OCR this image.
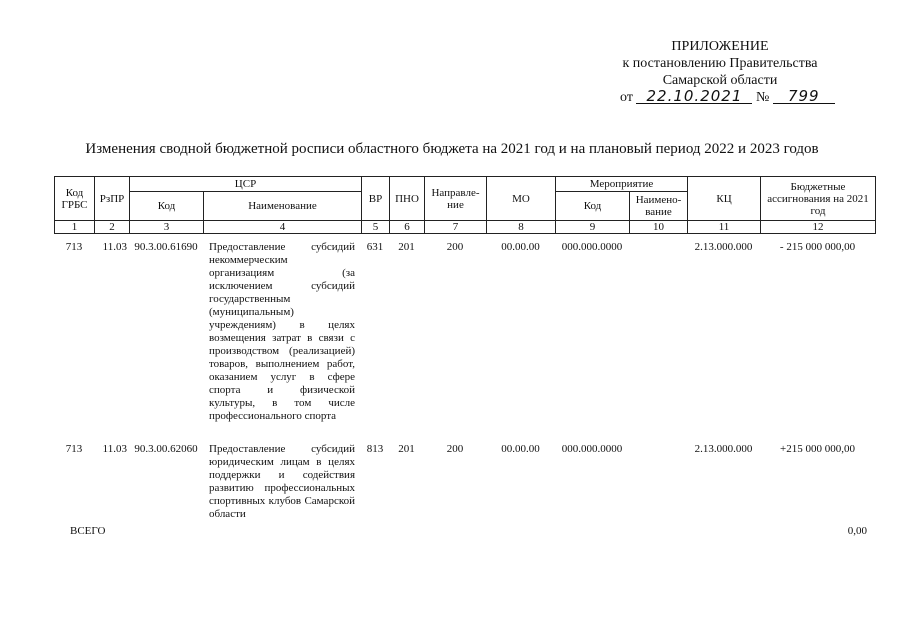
ПРИЛОЖЕНИЕ
к постановлению Правительства
Самарской области
от 22.10.2021 № 799
Изменения сводной бюджетной росписи областного бюджета на 2021 год и на плановый период 2022 и 2023 годов
Код ГРБС	РзПР	ЦСР		ВР	ПНО	Направле-ние	МО	Мероприятие		КЦ	Бюджетные ассигнования на 2021 год
		Код	Наименование					Код	Наимено-вание		
1	2	3	4	5	6	7	8	9	10	11	12
713	11.03	90.3.00.61690	Предоставление субсидий некоммерческим организациям (за исключением субсидий государственным (муниципальным) учреждениям) в целях возмещения затрат в связи с производством (реализацией) товаров, выполнением работ, оказанием услуг в сфере спорта и физической культуры, в том числе профессионального спорта	631	201	200	00.00.00	000.000.0000		2.13.000.000	- 215 000 000,00

713	11.03	90.3.00.62060	Предоставление субсидий юридическим лицам в целях поддержки и содействия развитию профессиональных спортивных клубов Самарской области	813	201	200	00.00.00	000.000.0000		2.13.000.000	+215 000 000,00
ВСЕГО	0,00
